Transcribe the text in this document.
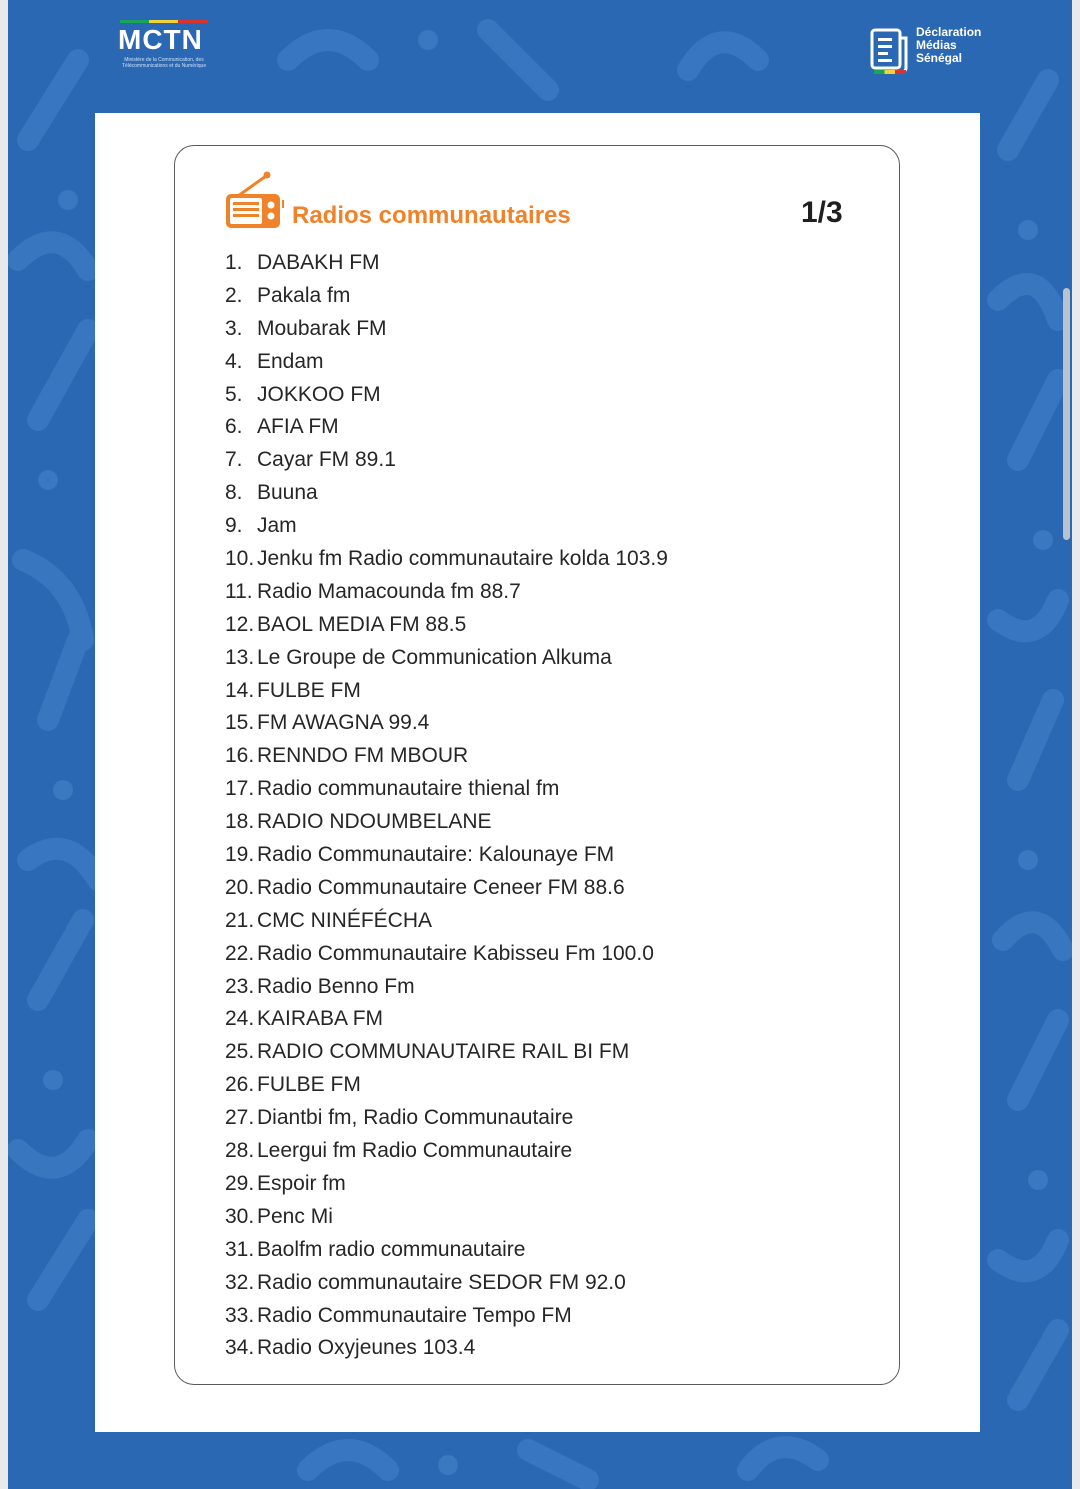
MCTN
Ministère de la Communication, des Télécommunications et du Numérique
Déclaration
Médias
Sénégal
Radios communautaires	1/3
1. DABAKH FM
2. Pakala fm
3. Moubarak FM
4. Endam
5. JOKKOO FM
6. AFIA FM
7. Cayar FM 89.1
8. Buuna
9. Jam
10. Jenku fm Radio communautaire kolda 103.9
11. Radio Mamacounda fm 88.7
12. BAOL MEDIA FM 88.5
13. Le Groupe de Communication Alkuma
14. FULBE FM
15. FM AWAGNA 99.4
16. RENNDO FM MBOUR
17. Radio communautaire thienal fm
18. RADIO NDOUMBELANE
19. Radio Communautaire: Kalounaye FM
20. Radio Communautaire Ceneer FM 88.6
21. CMC NINÉFÉCHA
22. Radio Communautaire Kabisseu Fm 100.0
23. Radio Benno Fm
24. KAIRABA FM
25. RADIO COMMUNAUTAIRE RAIL BI FM
26. FULBE FM
27. Diantbi fm, Radio Communautaire
28. Leergui fm Radio Communautaire
29. Espoir fm
30. Penc Mi
31. Baolfm radio communautaire
32. Radio communautaire SEDOR FM 92.0
33. Radio Communautaire Tempo FM
34. Radio Oxyjeunes 103.4
